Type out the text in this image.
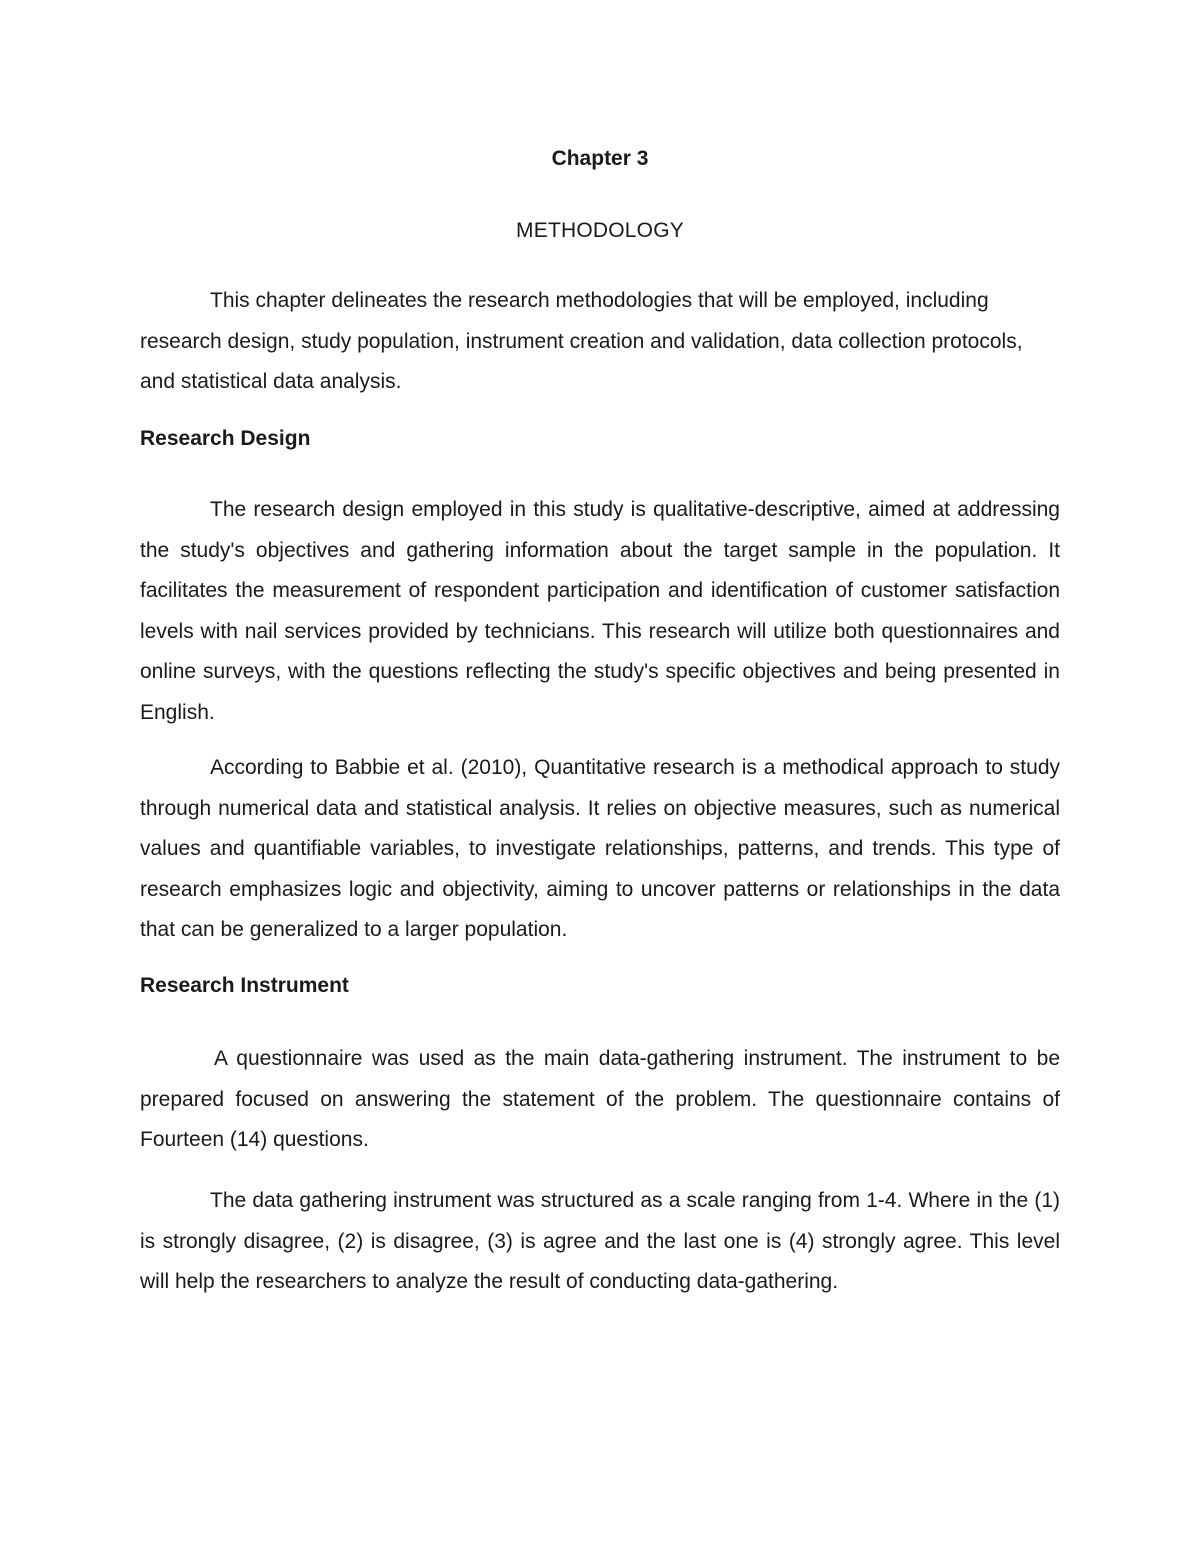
Chapter 3
METHODOLOGY

This chapter delineates the research methodologies that will be employed, including research design, study population, instrument creation and validation, data collection protocols, and statistical data analysis.

Research Design

The research design employed in this study is qualitative-descriptive, aimed at addressing the study's objectives and gathering information about the target sample in the population. It facilitates the measurement of respondent participation and identification of customer satisfaction levels with nail services provided by technicians. This research will utilize both questionnaires and online surveys, with the questions reflecting the study's specific objectives and being presented in English.

According to Babbie et al. (2010), Quantitative research is a methodical approach to study through numerical data and statistical analysis. It relies on objective measures, such as numerical values and quantifiable variables, to investigate relationships, patterns, and trends. This type of research emphasizes logic and objectivity, aiming to uncover patterns or relationships in the data that can be generalized to a larger population.

Research Instrument

A questionnaire was used as the main data-gathering instrument. The instrument to be prepared focused on answering the statement of the problem. The questionnaire contains of Fourteen (14) questions.

The data gathering instrument was structured as a scale ranging from 1-4. Where in the (1) is strongly disagree, (2) is disagree, (3) is agree and the last one is (4) strongly agree. This level will help the researchers to analyze the result of conducting data-gathering.
